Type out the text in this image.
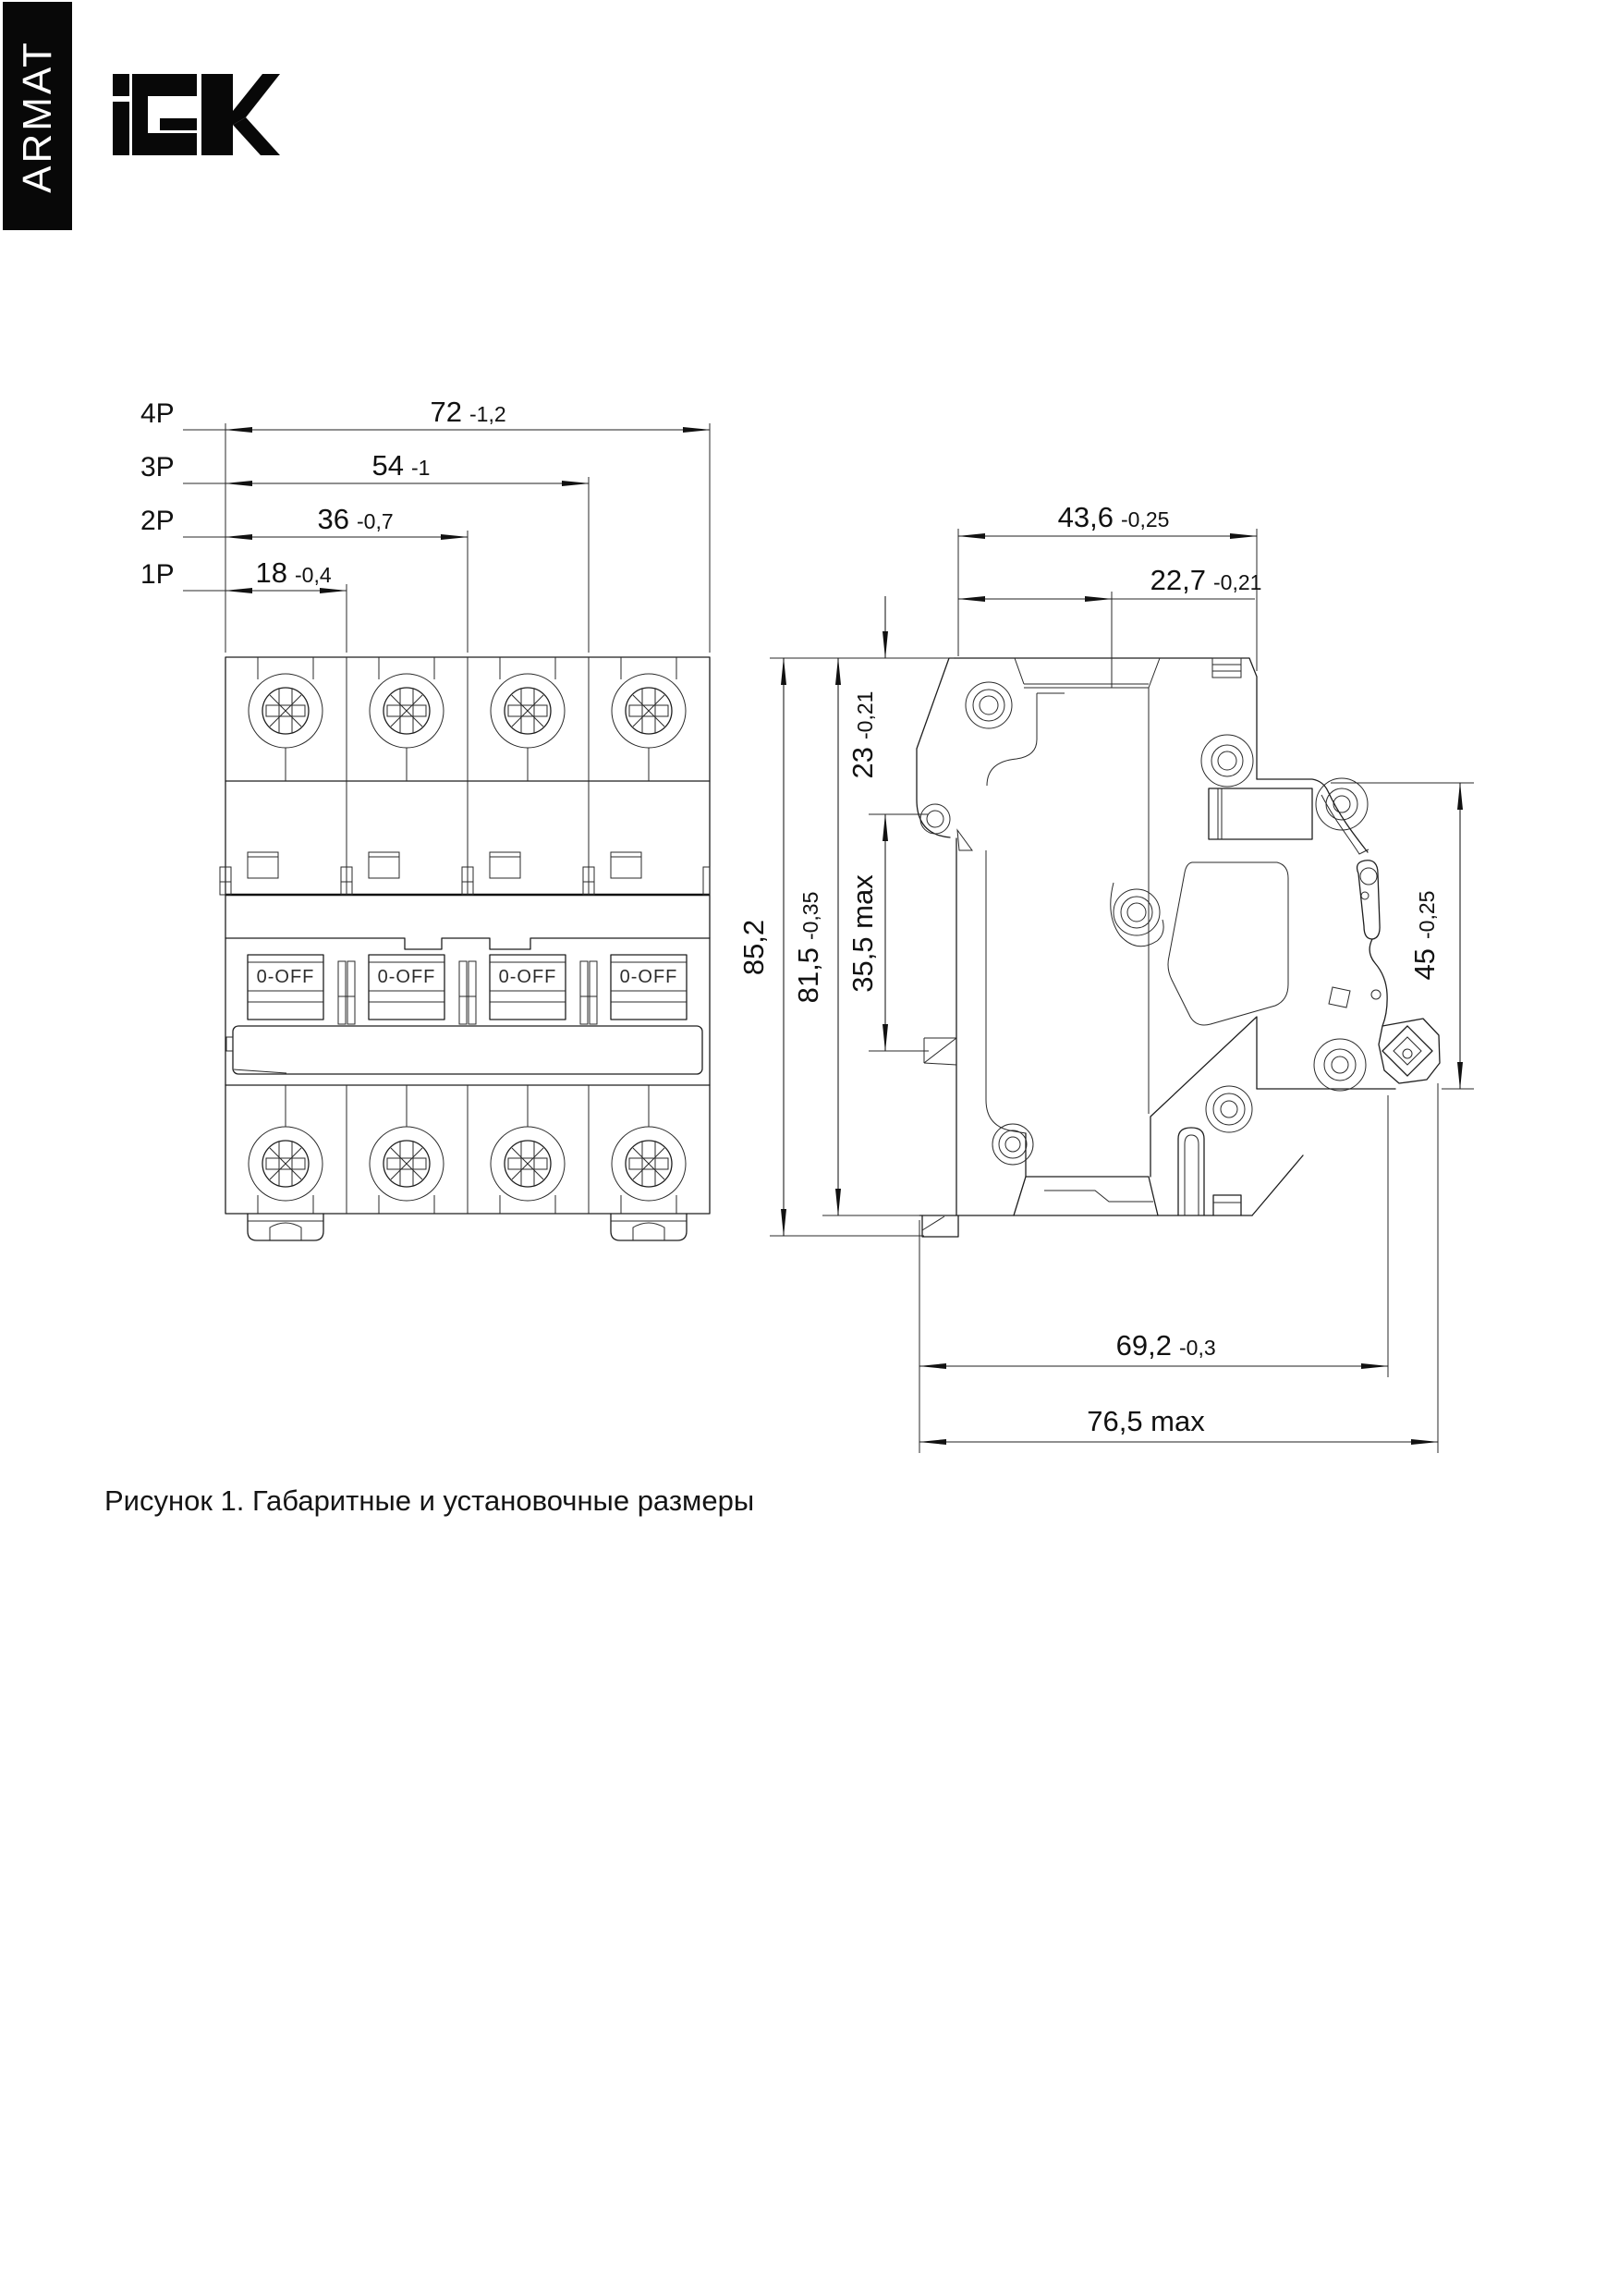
ARMAT
4P	72 -1,2
3P	54 -1
2P	36 -0,7
1P	18 -0,4
0-OFF	0-OFF	0-OFF	0-OFF
43,6 -0,25
22,7 -0,21
23-0,21
35,5 max
85,2
81,5-0,35
45-0,25
69,2 -0,3
76,5 max
Рисунок 1. Габаритные и установочные размеры
